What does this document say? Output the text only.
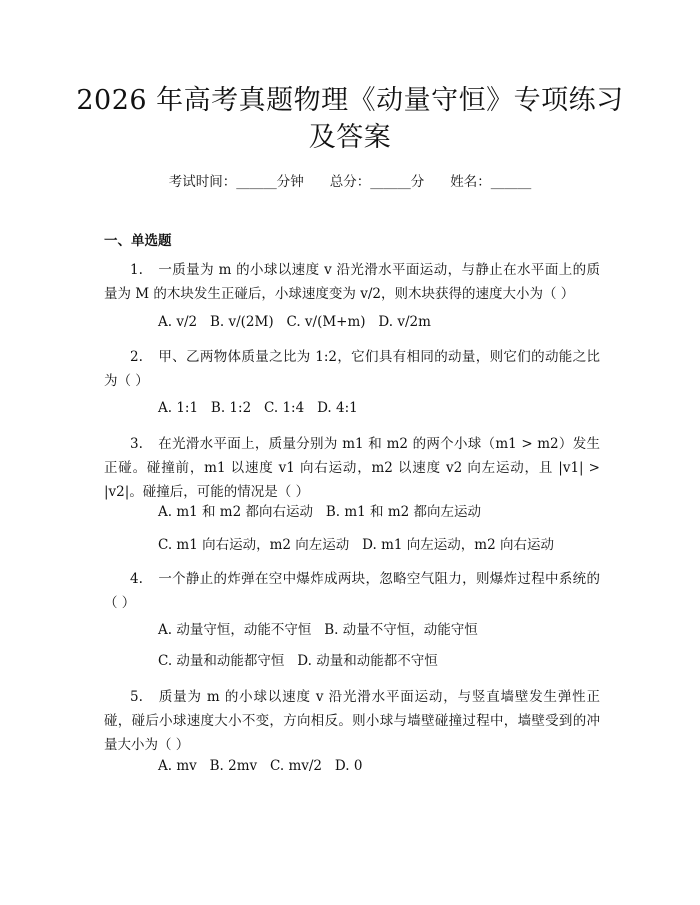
2026 年高考真题物理《动量守恒》专项练习
及答案
考试时间：______分钟 总分：______分 姓名：______
一、单选题
1. 一质量为 m 的小球以速度 v 沿光滑水平面运动，与静止在水平面上的质量为 M 的木块发生正碰后，小球速度变为 v/2，则木块获得的速度大小为（ ）
A. v/2   B. v/(2M)   C. v/(M+m)   D. v/2m
2. 甲、乙两物体质量之比为 1:2，它们具有相同的动量，则它们的动能之比为（ ）
A. 1:1   B. 1:2   C. 1:4   D. 4:1
3. 在光滑水平面上，质量分别为 m1 和 m2 的两个小球（m1 > m2）发生正碰。碰撞前，m1 以速度 v1 向右运动，m2 以速度 v2 向左运动，且 |v1| > |v2|。碰撞后，可能的情况是（ ）
A. m1 和 m2 都向右运动   B. m1 和 m2 都向左运动
C. m1 向右运动，m2 向左运动   D. m1 向左运动，m2 向右运动
4. 一个静止的炸弹在空中爆炸成两块，忽略空气阻力，则爆炸过程中系统的（ ）
A. 动量守恒，动能不守恒   B. 动量不守恒，动能守恒
C. 动量和动能都守恒   D. 动量和动能都不守恒
5. 质量为 m 的小球以速度 v 沿光滑水平面运动，与竖直墙壁发生弹性正碰，碰后小球速度大小不变，方向相反。则小球与墙壁碰撞过程中，墙壁受到的冲量大小为（ ）
A. mv   B. 2mv   C. mv/2   D. 0
